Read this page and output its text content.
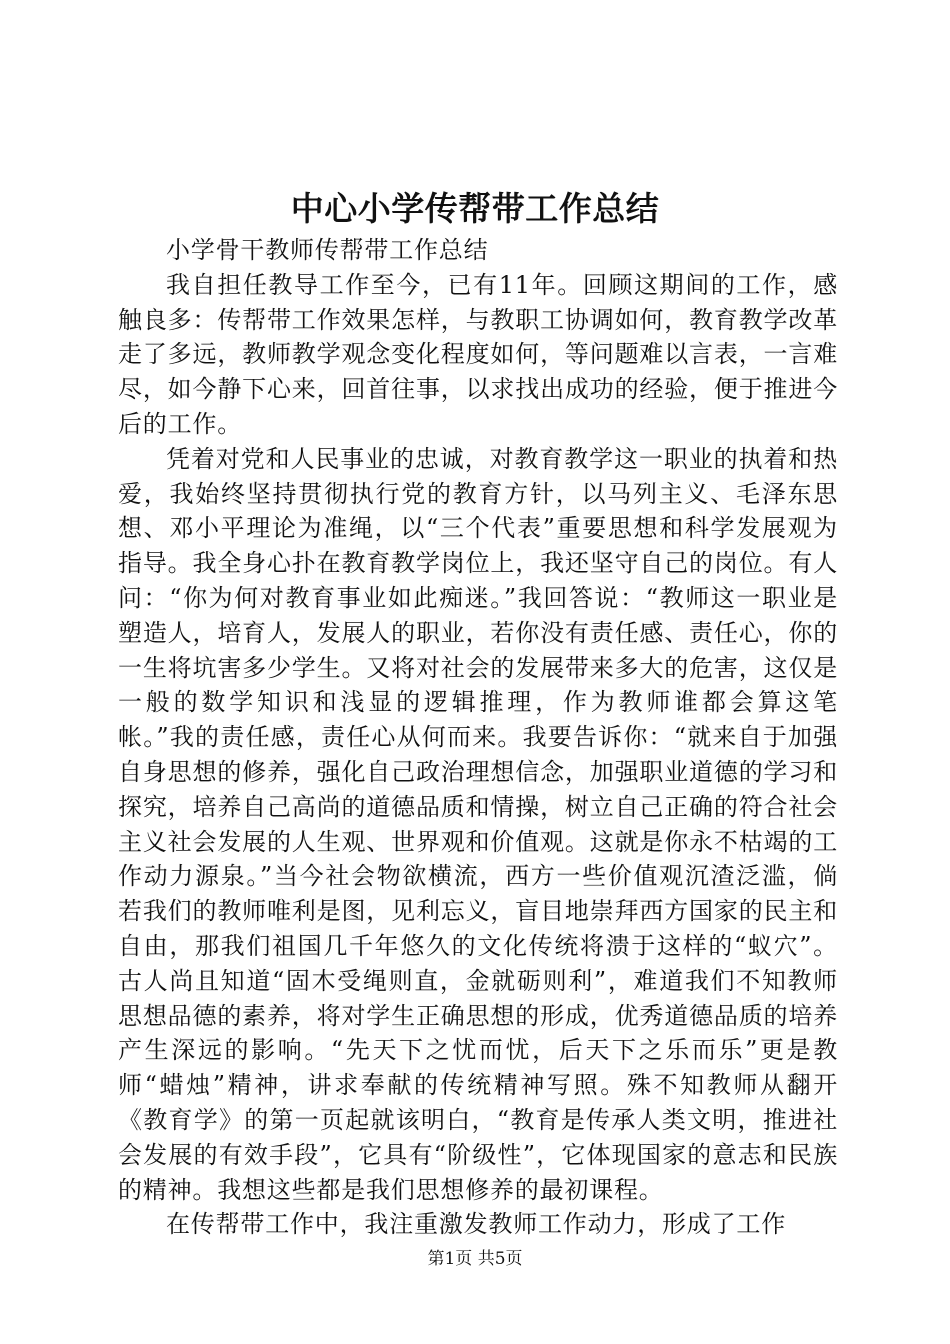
中心小学传帮带工作总结

小学骨干教师传帮带工作总结

我自担任教导工作至今，已有11年。回顾这期间的工作，感触良多：传帮带工作效果怎样，与教职工协调如何，教育教学改革走了多远，教师教学观念变化程度如何，等问题难以言表，一言难尽，如今静下心来，回首往事，以求找出成功的经验，便于推进今后的工作。

凭着对党和人民事业的忠诚，对教育教学这一职业的执着和热爱，我始终坚持贯彻执行党的教育方针，以马列主义、毛泽东思想、邓小平理论为准绳，以“三个代表”重要思想和科学发展观为指导。我全身心扑在教育教学岗位上，我还坚守自己的岗位。有人问：“你为何对教育事业如此痴迷。”我回答说：“教师这一职业是塑造人，培育人，发展人的职业，若你没有责任感、责任心，你的一生将坑害多少学生。又将对社会的发展带来多大的危害，这仅是一般的数学知识和浅显的逻辑推理，作为教师谁都会算这笔帐。”我的责任感，责任心从何而来。我要告诉你：“就来自于加强自身思想的修养，强化自己政治理想信念，加强职业道德的学习和探究，培养自己高尚的道德品质和情操，树立自己正确的符合社会主义社会发展的人生观、世界观和价值观。这就是你永不枯竭的工作动力源泉。”当今社会物欲横流，西方一些价值观沉渣泛滥，倘若我们的教师唯利是图，见利忘义，盲目地崇拜西方国家的民主和自由，那我们祖国几千年悠久的文化传统将溃于这样的“蚁穴”。古人尚且知道“固木受绳则直，金就砺则利”，难道我们不知教师思想品德的素养，将对学生正确思想的形成，优秀道德品质的培养产生深远的影响。“先天下之忧而忧，后天下之乐而乐”更是教师“蜡烛”精神，讲求奉献的传统精神写照。殊不知教师从翻开《教育学》的第一页起就该明白，“教育是传承人类文明，推进社会发展的有效手段”，它具有“阶级性”，它体现国家的意志和民族的精神。我想这些都是我们思想修养的最初课程。

在传帮带工作中，我注重激发教师工作动力，形成了工作

第1页 共5页
